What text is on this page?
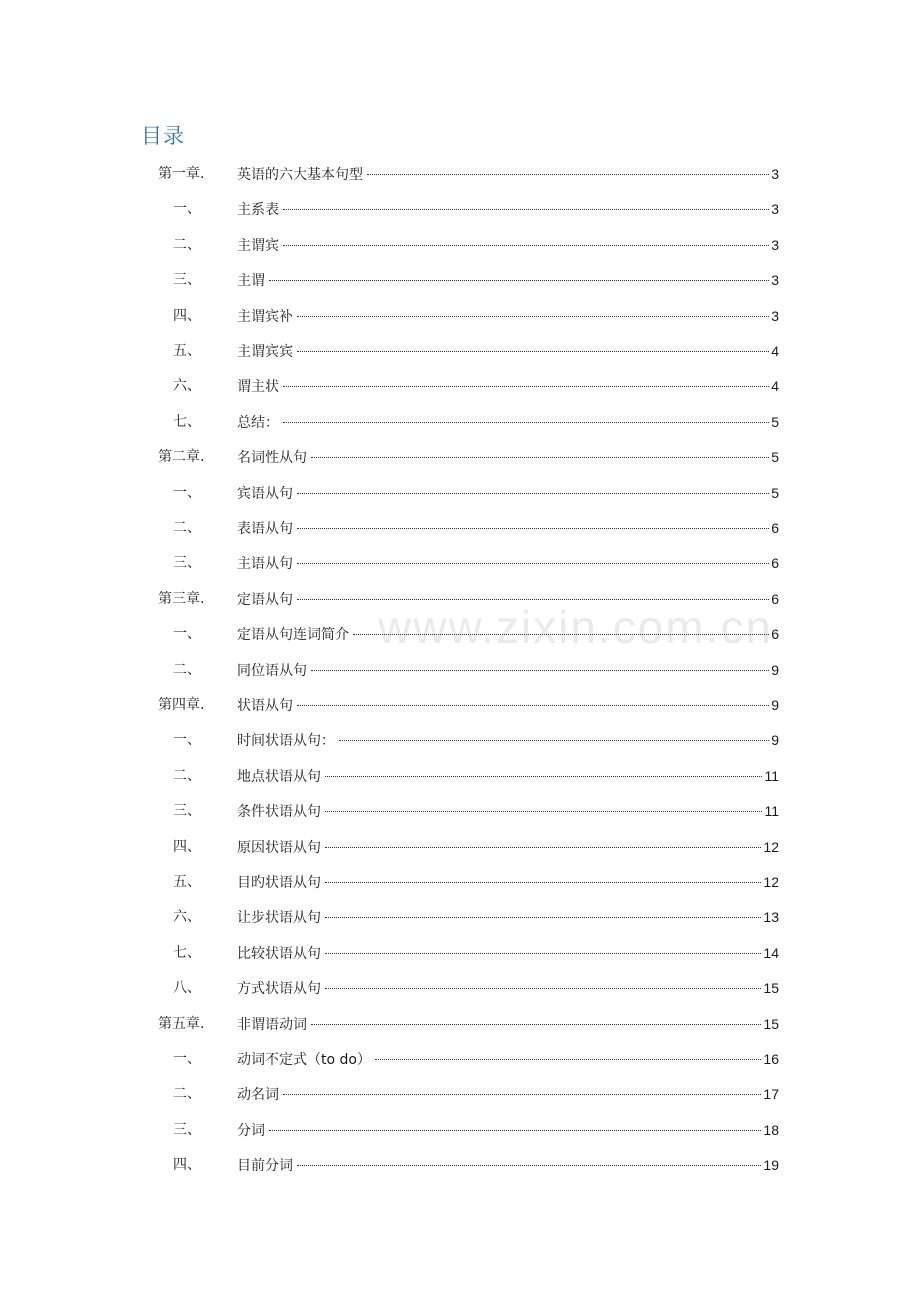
目录
www.zixin.com.cn
第一章. 英语的六大基本句型	3
一、	主系表	3
二、	主谓宾	3
三、	主谓	3
四、	主谓宾补	3
五、	主谓宾宾	4
六、	谓主状	4
七、	总结：	5
第二章. 名词性从句	5
一、	宾语从句	5
二、	表语从句	6
三、	主语从句	6
第三章. 定语从句	6
一、	定语从句连词简介	6
二、	同位语从句	9
第四章. 状语从句	9
一、	时间状语从句：	9
二、	地点状语从句	11
三、	条件状语从句	11
四、	原因状语从句	12
五、	目旳状语从句	12
六、	让步状语从句	13
七、	比较状语从句	14
八、	方式状语从句	15
第五章. 非谓语动词	15
一、	动词不定式（to do）	16
二、	动名词	17
三、	分词	18
四、	目前分词	19
